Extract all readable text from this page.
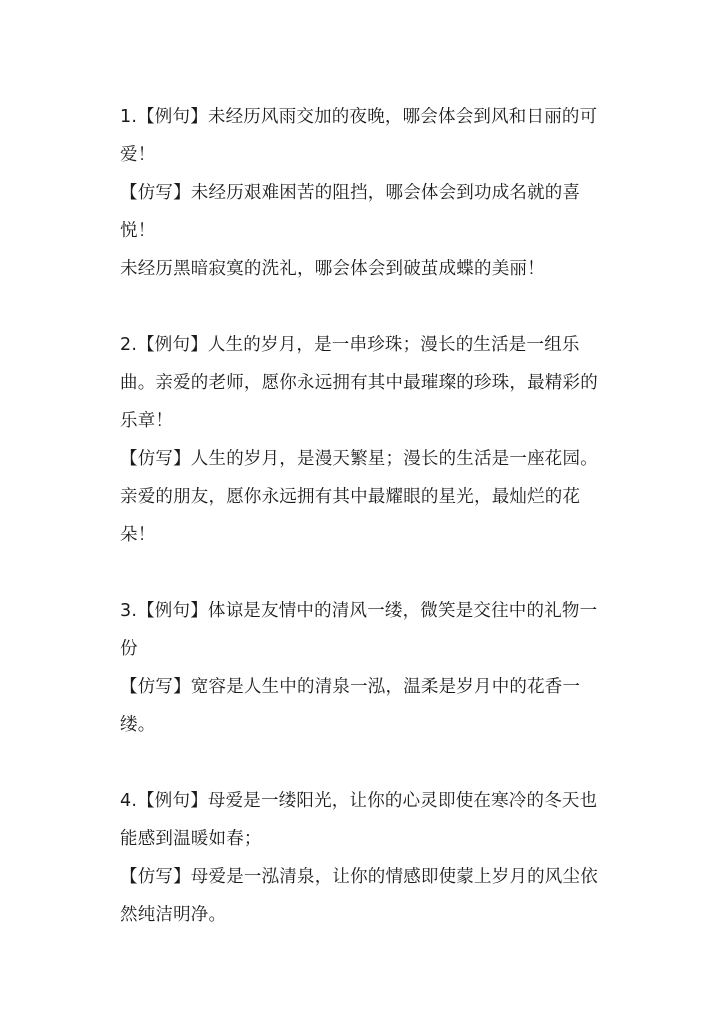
1.【例句】未经历风雨交加的夜晚，哪会体会到风和日丽的可爱！
【仿写】未经历艰难困苦的阻挡，哪会体会到功成名就的喜悦！
未经历黑暗寂寞的洗礼，哪会体会到破茧成蝶的美丽！
2.【例句】人生的岁月，是一串珍珠；漫长的生活是一组乐曲。亲爱的老师，愿你永远拥有其中最璀璨的珍珠，最精彩的乐章！
【仿写】人生的岁月，是漫天繁星；漫长的生活是一座花园。亲爱的朋友，愿你永远拥有其中最耀眼的星光，最灿烂的花朵！
3.【例句】体谅是友情中的清风一缕，微笑是交往中的礼物一份
【仿写】宽容是人生中的清泉一泓，温柔是岁月中的花香一缕。
4.【例句】母爱是一缕阳光，让你的心灵即使在寒冷的冬天也能感到温暖如春；
【仿写】母爱是一泓清泉，让你的情感即使蒙上岁月的风尘依然纯洁明净。
